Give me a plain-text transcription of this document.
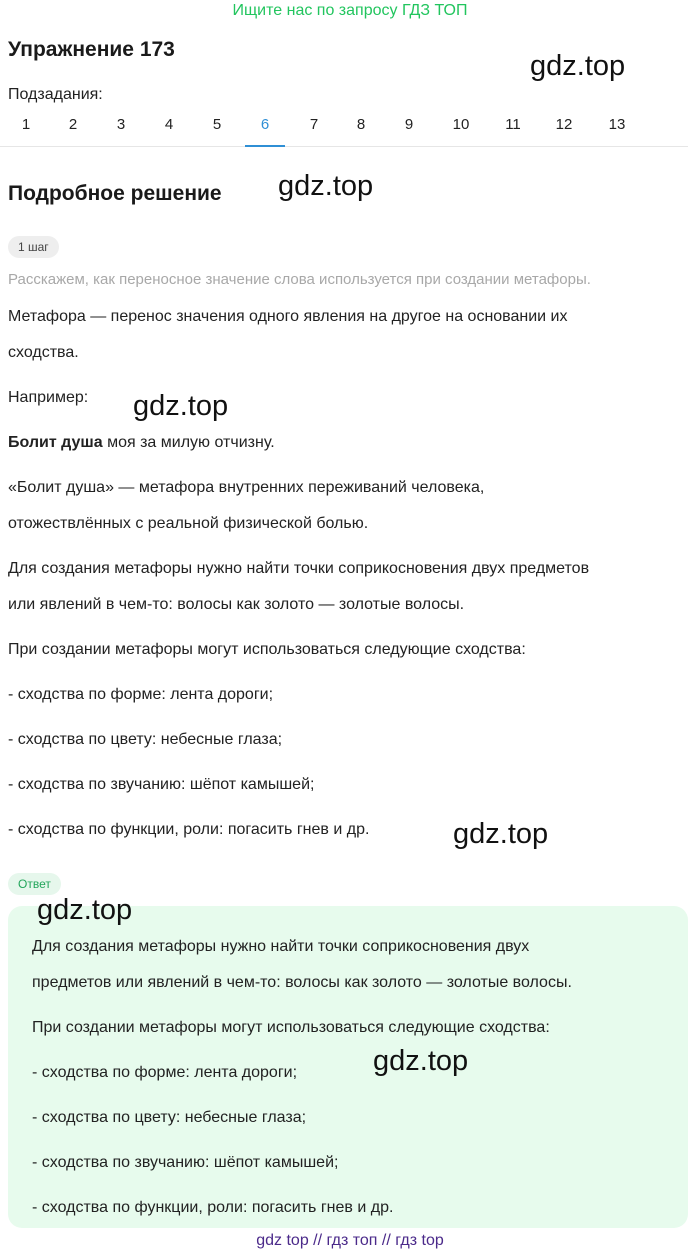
Ищите нас по запросу ГДЗ ТОП
Упражнение 173
Подзадания:
1	2	3	4	5	6	7	8	9	10	11	12	13
Подробное решение
1 шаг
Расскажем, как переносное значение слова используется при создании метафоры.

Метафора — перенос значения одного явления на другое на основании их

сходства.

Например:

Болит душа моя за милую отчизну.

«Болит душа» — метафора внутренних переживаний человека,

отожествлённых с реальной физической болью.

Для создания метафоры нужно найти точки соприкосновения двух предметов

или явлений в чем-то: волосы как золото — золотые волосы.

При создании метафоры могут использоваться следующие сходства:

- сходства по форме: лента дороги;

- сходства по цвету: небесные глаза;

- сходства по звучанию: шёпот камышей;

- сходства по функции, роли: погасить гнев и др.

Ответ

Для создания метафоры нужно найти точки соприкосновения двух

предметов или явлений в чем-то: волосы как золото — золотые волосы.

При создании метафоры могут использоваться следующие сходства:

- сходства по форме: лента дороги;

- сходства по цвету: небесные глаза;

- сходства по звучанию: шёпот камышей;

- сходства по функции, роли: погасить гнев и др.

gdz.top
gdz.top
gdz.top
gdz.top
gdz.top
gdz.top
gdz top // гдз топ // гдз top
